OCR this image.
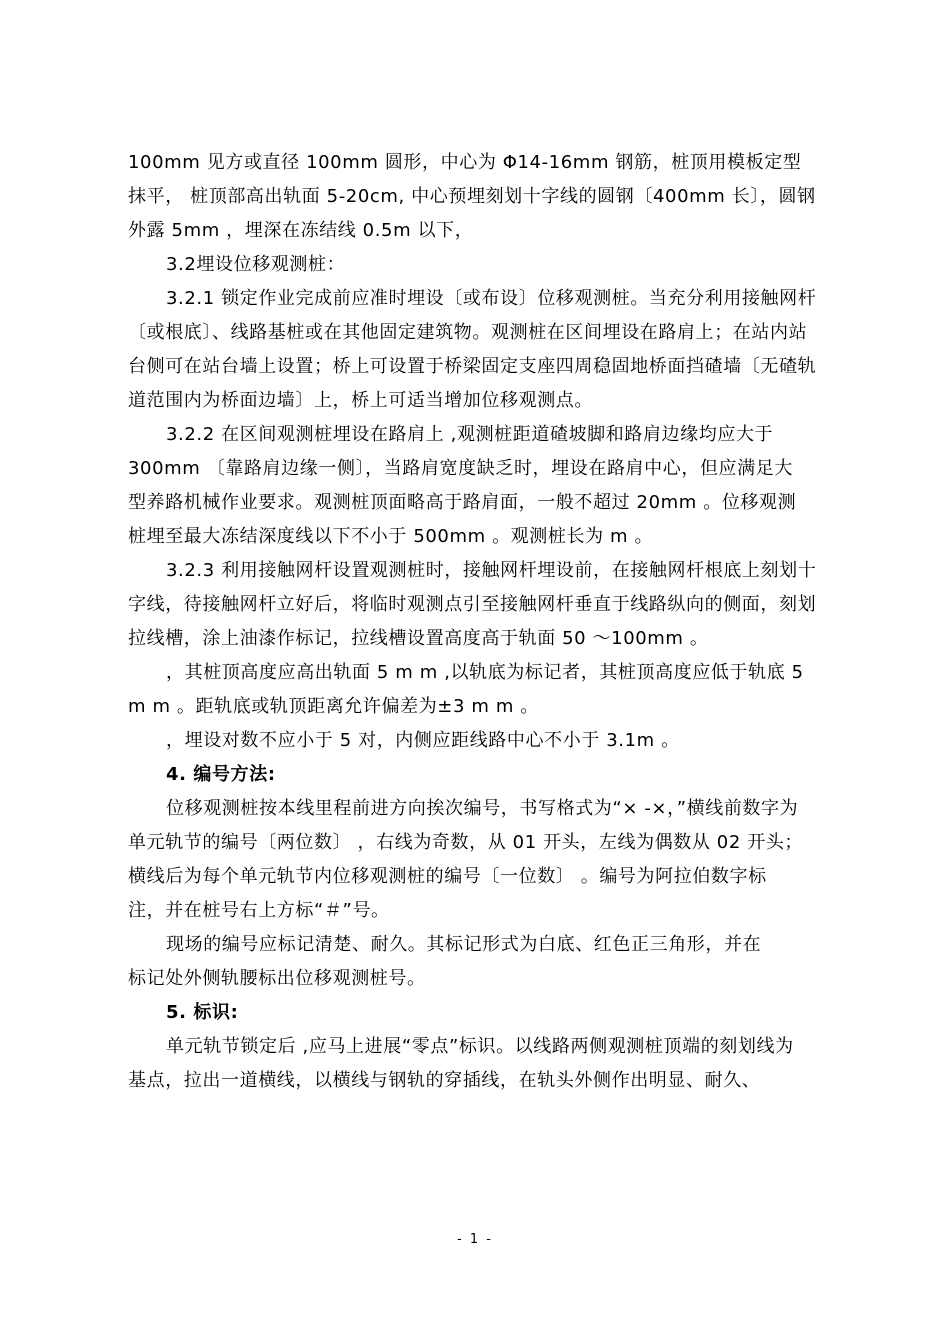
100mm 见方或直径 100mm 圆形，中心为 Φ14-16mm 钢筋，桩顶用模板定型
抹平， 桩顶部高出轨面 5-20cm, 中心预埋刻划十字线的圆钢〔400mm 长〕，圆钢
外露 5mm ，埋深在冻结线 0.5m 以下，
3.2埋设位移观测桩：
3.2.1 锁定作业完成前应准时埋设〔或布设〕位移观测桩。当充分利用接触网杆
〔或根底〕、线路基桩或在其他固定建筑物。观测桩在区间埋设在路肩上；在站内站
台侧可在站台墙上设置；桥上可设置于桥梁固定支座四周稳固地桥面挡碴墙〔无碴轨
道范围内为桥面边墙〕上，桥上可适当增加位移观测点。
3.2.2 在区间观测桩埋设在路肩上 ,观测桩距道碴坡脚和路肩边缘均应大于
300mm 〔靠路肩边缘一侧〕，当路肩宽度缺乏时，埋设在路肩中心，但应满足大
型养路机械作业要求。观测桩顶面略高于路肩面，一般不超过 20mm 。位移观测
桩埋至最大冻结深度线以下不小于 500mm 。观测桩长为 m 。
3.2.3 利用接触网杆设置观测桩时，接触网杆埋设前，在接触网杆根底上刻划十
字线，待接触网杆立好后，将临时观测点引至接触网杆垂直于线路纵向的侧面，刻划
拉线槽，涂上油漆作标记，拉线槽设置高度高于轨面 50 ～100mm 。
，其桩顶高度应高出轨面 5 m m ,以轨底为标记者，其桩顶高度应低于轨底 5
m m 。距轨底或轨顶距离允许偏差为±3 m m 。
，埋设对数不应小于 5 对，内侧应距线路中心不小于 3.1m 。
4. 编号方法:
位移观测桩按本线里程前进方向挨次编号，书写格式为“× -×，”横线前数字为
单元轨节的编号〔两位数〕 ，右线为奇数，从 01 开头，左线为偶数从 02 开头；
横线后为每个单元轨节内位移观测桩的编号〔一位数〕 。编号为阿拉伯数字标
注，并在桩号右上方标“＃”号。
现场的编号应标记清楚、耐久。其标记形式为白底、红色正三角形，并在
标记处外侧轨腰标出位移观测桩号。
5. 标识:
单元轨节锁定后 ,应马上进展“零点”标识。以线路两侧观测桩顶端的刻划线为
基点，拉出一道横线，以横线与钢轨的穿插线，在轨头外侧作出明显、耐久、
- 1 -
